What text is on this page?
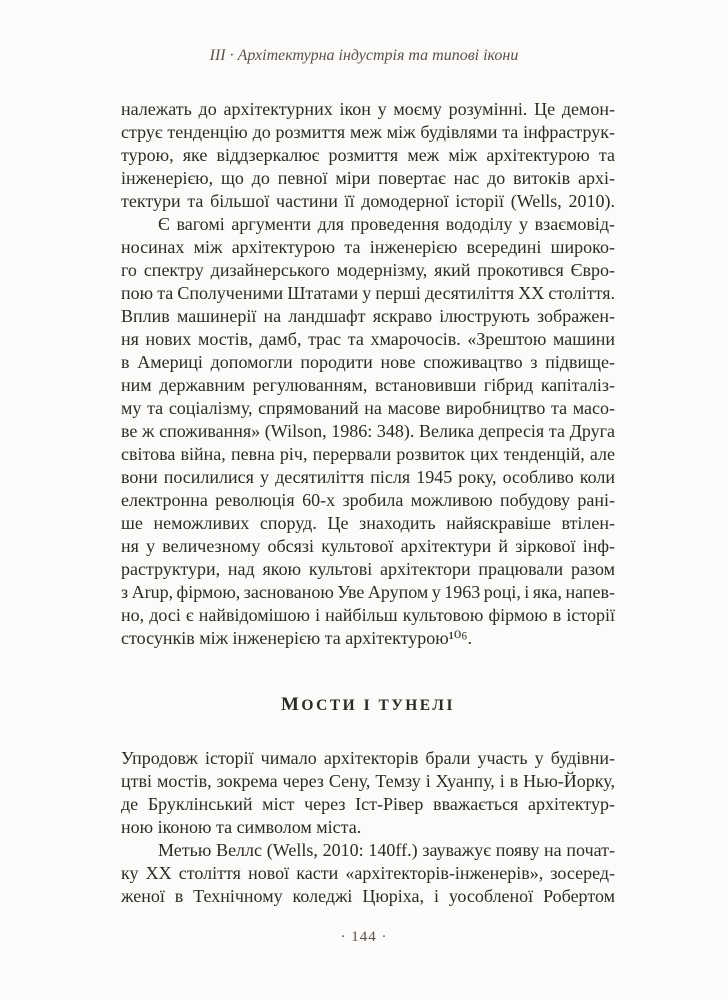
III · Архітектурна індустрія та типові ікони
належать до архітектурних ікон у моєму розумінні. Це демон-
струє тенденцію до розмиття меж між будівлями та інфраструк-
турою, яке віддзеркалює розмиття меж між архітектурою та
інженерією, що до певної міри повертає нас до витоків архі-
тектури та більшої частини її домодерної історії (Wells, 2010).
Є вагомі аргументи для проведення вододілу у взаємовід-
носинах між архітектурою та інженерією всередині широко-
го спектру дизайнерського модернізму, який прокотився Євро-
пою та Сполученими Штатами у перші десятиліття XX століття.
Вплив машинерії на ландшафт яскраво ілюструють зображен-
ня нових мостів, дамб, трас та хмарочосів. «Зрештою машини
в Америці допомогли породити нове споживацтво з підвище-
ним державним регулюванням, встановивши гібрид капіталіз-
му та соціалізму, спрямований на масове виробництво та масо-
ве ж споживання» (Wilson, 1986: 348). Велика депресія та Друга
світова війна, певна річ, перервали розвиток цих тенденцій, але
вони посилилися у десятиліття після 1945 року, особливо коли
електронна революція 60-х зробила можливою побудову рані-
ше неможливих споруд. Це знаходить найяскравіше втілен-
ня у величезному обсязі культової архітектури й зіркової інф-
раструктури, над якою культові архітектори працювали разом
з Arup, фірмою, заснованою Уве Арупом у 1963 році, і яка, напев-
но, досі є найвідомішою і найбільш культовою фірмою в історії
стосунків між інженерією та архітектурою¹⁰⁶.
МОСТИ І ТУНЕЛІ
Упродовж історії чимало архітекторів брали участь у будівни-
цтві мостів, зокрема через Сену, Темзу і Хуанпу, і в Нью-Йорку,
де Бруклінський міст через Іст-Рівер вважається архітектур-
ною іконою та символом міста.
Метью Веллс (Wells, 2010: 140ff.) зауважує появу на почат-
ку XX століття нової касти «архітекторів-інженерів», зосеред-
женої в Технічному коледжі Цюріха, і уособленої Робертом
· 144 ·
